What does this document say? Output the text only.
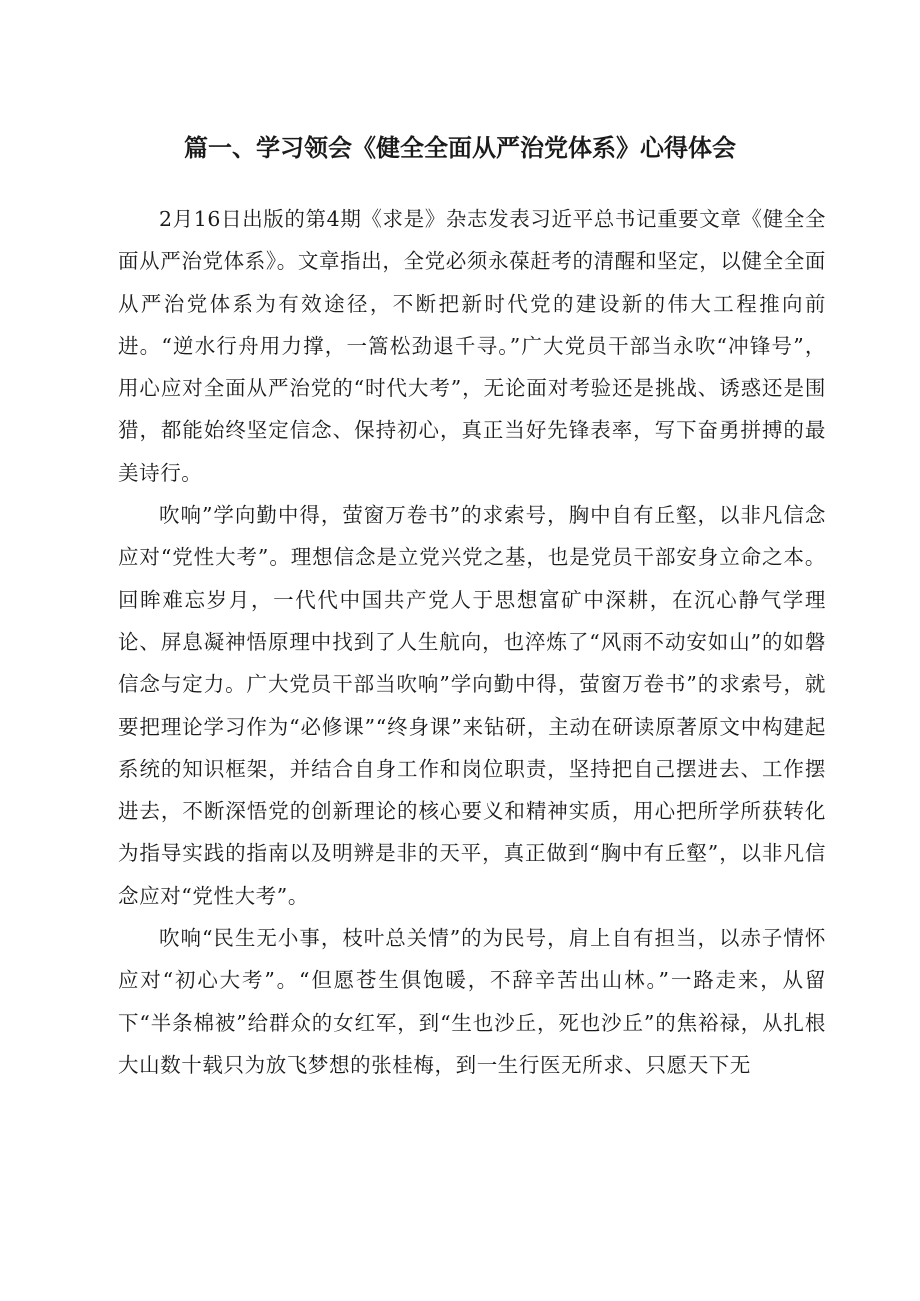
篇一、学习领会《健全全面从严治党体系》心得体会

2月16日出版的第4期《求是》杂志发表习近平总书记重要文章《健全全面从严治党体系》。文章指出，全党必须永葆赶考的清醒和坚定，以健全全面从严治党体系为有效途径，不断把新时代党的建设新的伟大工程推向前进。“逆水行舟用力撑，一篙松劲退千寻。”广大党员干部当永吹“冲锋号”，用心应对全面从严治党的“时代大考”，无论面对考验还是挑战、诱惑还是围猎，都能始终坚定信念、保持初心，真正当好先锋表率，写下奋勇拼搏的最美诗行。

吹响”学向勤中得，萤窗万卷书”的求索号，胸中自有丘壑，以非凡信念应对“党性大考”。理想信念是立党兴党之基，也是党员干部安身立命之本。回眸难忘岁月，一代代中国共产党人于思想富矿中深耕，在沉心静气学理论、屏息凝神悟原理中找到了人生航向，也淬炼了“风雨不动安如山”的如磐信念与定力。广大党员干部当吹响”学向勤中得，萤窗万卷书”的求索号，就要把理论学习作为“必修课”“终身课”来钻研，主动在研读原著原文中构建起系统的知识框架，并结合自身工作和岗位职责，坚持把自己摆进去、工作摆进去，不断深悟党的创新理论的核心要义和精神实质，用心把所学所获转化为指导实践的指南以及明辨是非的天平，真正做到“胸中有丘壑”，以非凡信念应对“党性大考”。

吹响“民生无小事，枝叶总关情”的为民号，肩上自有担当，以赤子情怀应对“初心大考”。“但愿苍生俱饱暖，不辞辛苦出山林。”一路走来，从留下“半条棉被”给群众的女红军，到“生也沙丘，死也沙丘”的焦裕禄，从扎根大山数十载只为放飞梦想的张桂梅，到一生行医无所求、只愿天下无
